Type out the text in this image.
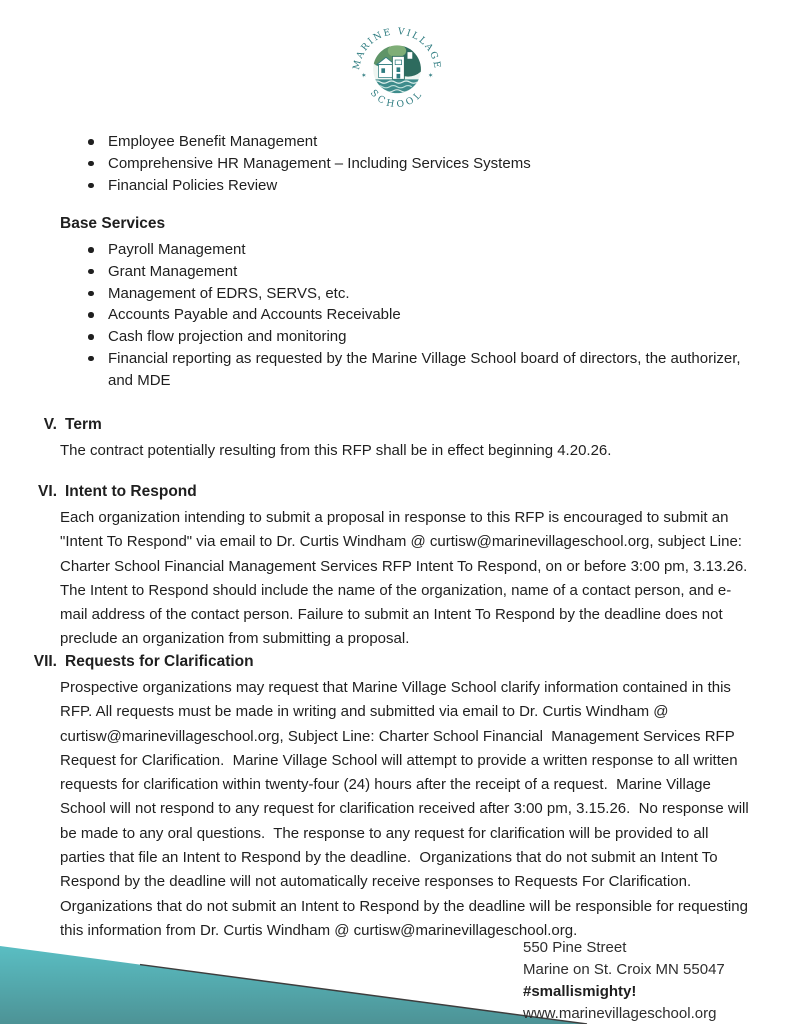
MARINE VILLAGE
SCHOOL
✶	✶
Employee Benefit Management
Comprehensive HR Management – Including Services Systems
Financial Policies Review
Base Services
Payroll Management
Grant Management
Management of EDRS, SERVS, etc.
Accounts Payable and Accounts Receivable
Cash flow projection and monitoring
Financial reporting as requested by the Marine Village School board of directors, the authorizer, and MDE
V. Term
The contract potentially resulting from this RFP shall be in effect beginning 4.20.26.
VI. Intent to Respond
Each organization intending to submit a proposal in response to this RFP is encouraged to submit an "Intent To Respond" via email to Dr. Curtis Windham @ curtisw@marinevillageschool.org, subject Line: Charter School Financial Management Services RFP Intent To Respond, on or before 3:00 pm, 3.13.26. The Intent to Respond should include the name of the organization, name of a contact person, and e-mail address of the contact person. Failure to submit an Intent To Respond by the deadline does not preclude an organization from submitting a proposal.
VII. Requests for Clarification
Prospective organizations may request that Marine Village School clarify information contained in this RFP. All requests must be made in writing and submitted via email to Dr. Curtis Windham @ curtisw@marinevillageschool.org, Subject Line: Charter School Financial  Management Services RFP Request for Clarification.  Marine Village School will attempt to provide a written response to all written requests for clarification within twenty-four (24) hours after the receipt of a request.  Marine Village School will not respond to any request for clarification received after 3:00 pm, 3.15.26.  No response will be made to any oral questions.  The response to any request for clarification will be provided to all parties that file an Intent to Respond by the deadline.  Organizations that do not submit an Intent To Respond by the deadline will not automatically receive responses to Requests For Clarification.  Organizations that do not submit an Intent to Respond by the deadline will be responsible for requesting this information from Dr. Curtis Windham @ curtisw@marinevillageschool.org.
550 Pine Street
Marine on St. Croix MN 55047
#smallismighty!
www.marinevillageschool.org
